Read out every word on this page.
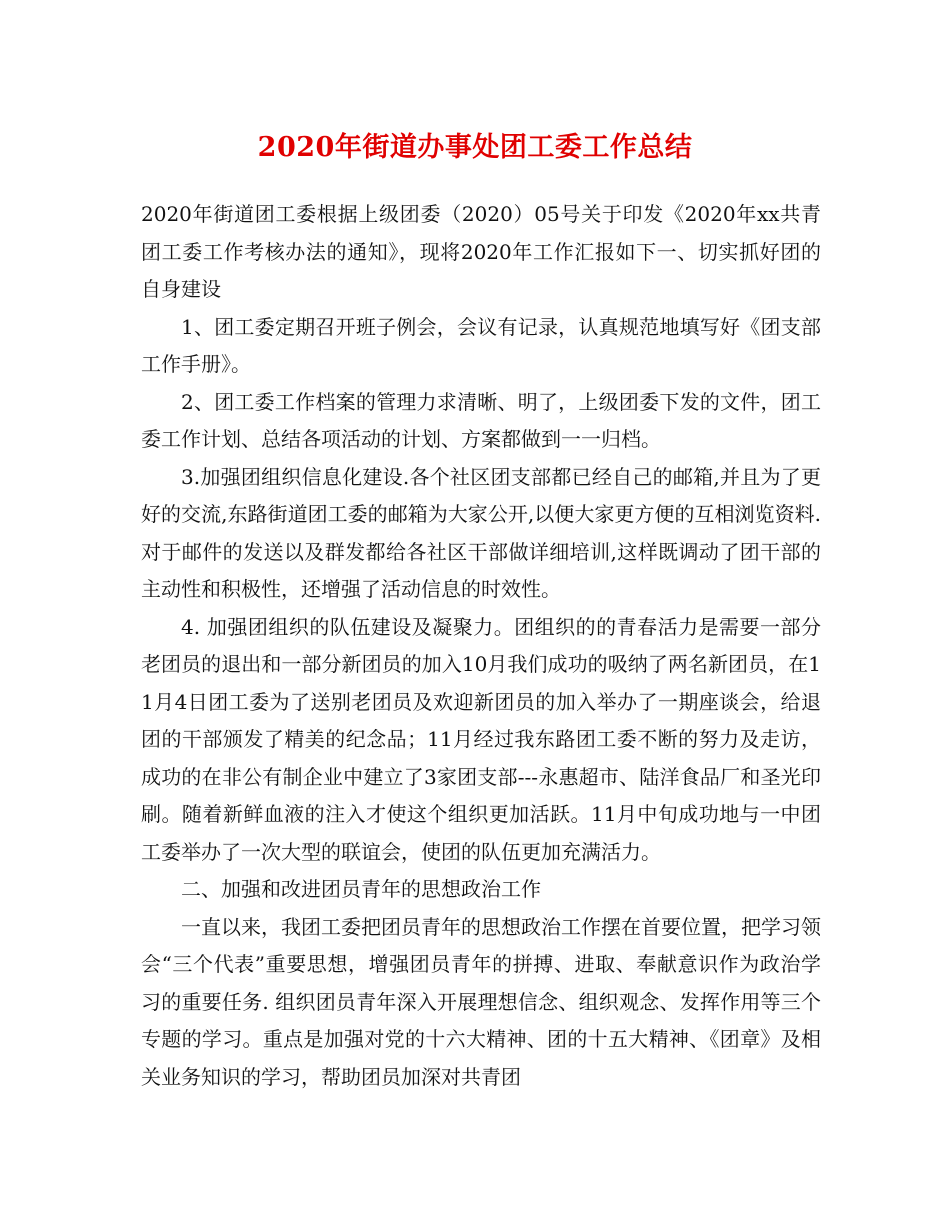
2020年街道办事处团工委工作总结

2020年街道团工委根据上级团委（2020）05号关于印发《2020年xx共青团工委工作考核办法的通知》，现将2020年工作汇报如下一、切实抓好团的自身建设

1、团工委定期召开班子例会，会议有记录，认真规范地填写好《团支部工作手册》。

2、团工委工作档案的管理力求清晰、明了，上级团委下发的文件，团工委工作计划、总结各项活动的计划、方案都做到一一归档。

3.加强团组织信息化建设.各个社区团支部都已经自己的邮箱,并且为了更好的交流,东路街道团工委的邮箱为大家公开,以便大家更方便的互相浏览资料.对于邮件的发送以及群发都给各社区干部做详细培训,这样既调动了团干部的主动性和积极性，还增强了活动信息的时效性。

4. 加强团组织的队伍建设及凝聚力。团组织的的青春活力是需要一部分老团员的退出和一部分新团员的加入10月我们成功的吸纳了两名新团员，在11月4日团工委为了送别老团员及欢迎新团员的加入举办了一期座谈会，给退团的干部颁发了精美的纪念品；11月经过我东路团工委不断的努力及走访，成功的在非公有制企业中建立了3家团支部---永惠超市、陆洋食品厂和圣光印刷。随着新鲜血液的注入才使这个组织更加活跃。11月中旬成功地与一中团工委举办了一次大型的联谊会，使团的队伍更加充满活力。

二、加强和改进团员青年的思想政治工作

一直以来，我团工委把团员青年的思想政治工作摆在首要位置，把学习领会“三个代表”重要思想，增强团员青年的拼搏、进取、奉献意识作为政治学习的重要任务. 组织团员青年深入开展理想信念、组织观念、发挥作用等三个专题的学习。重点是加强对党的十六大精神、团的十五大精神、《团章》及相关业务知识的学习，帮助团员加深对共青团
